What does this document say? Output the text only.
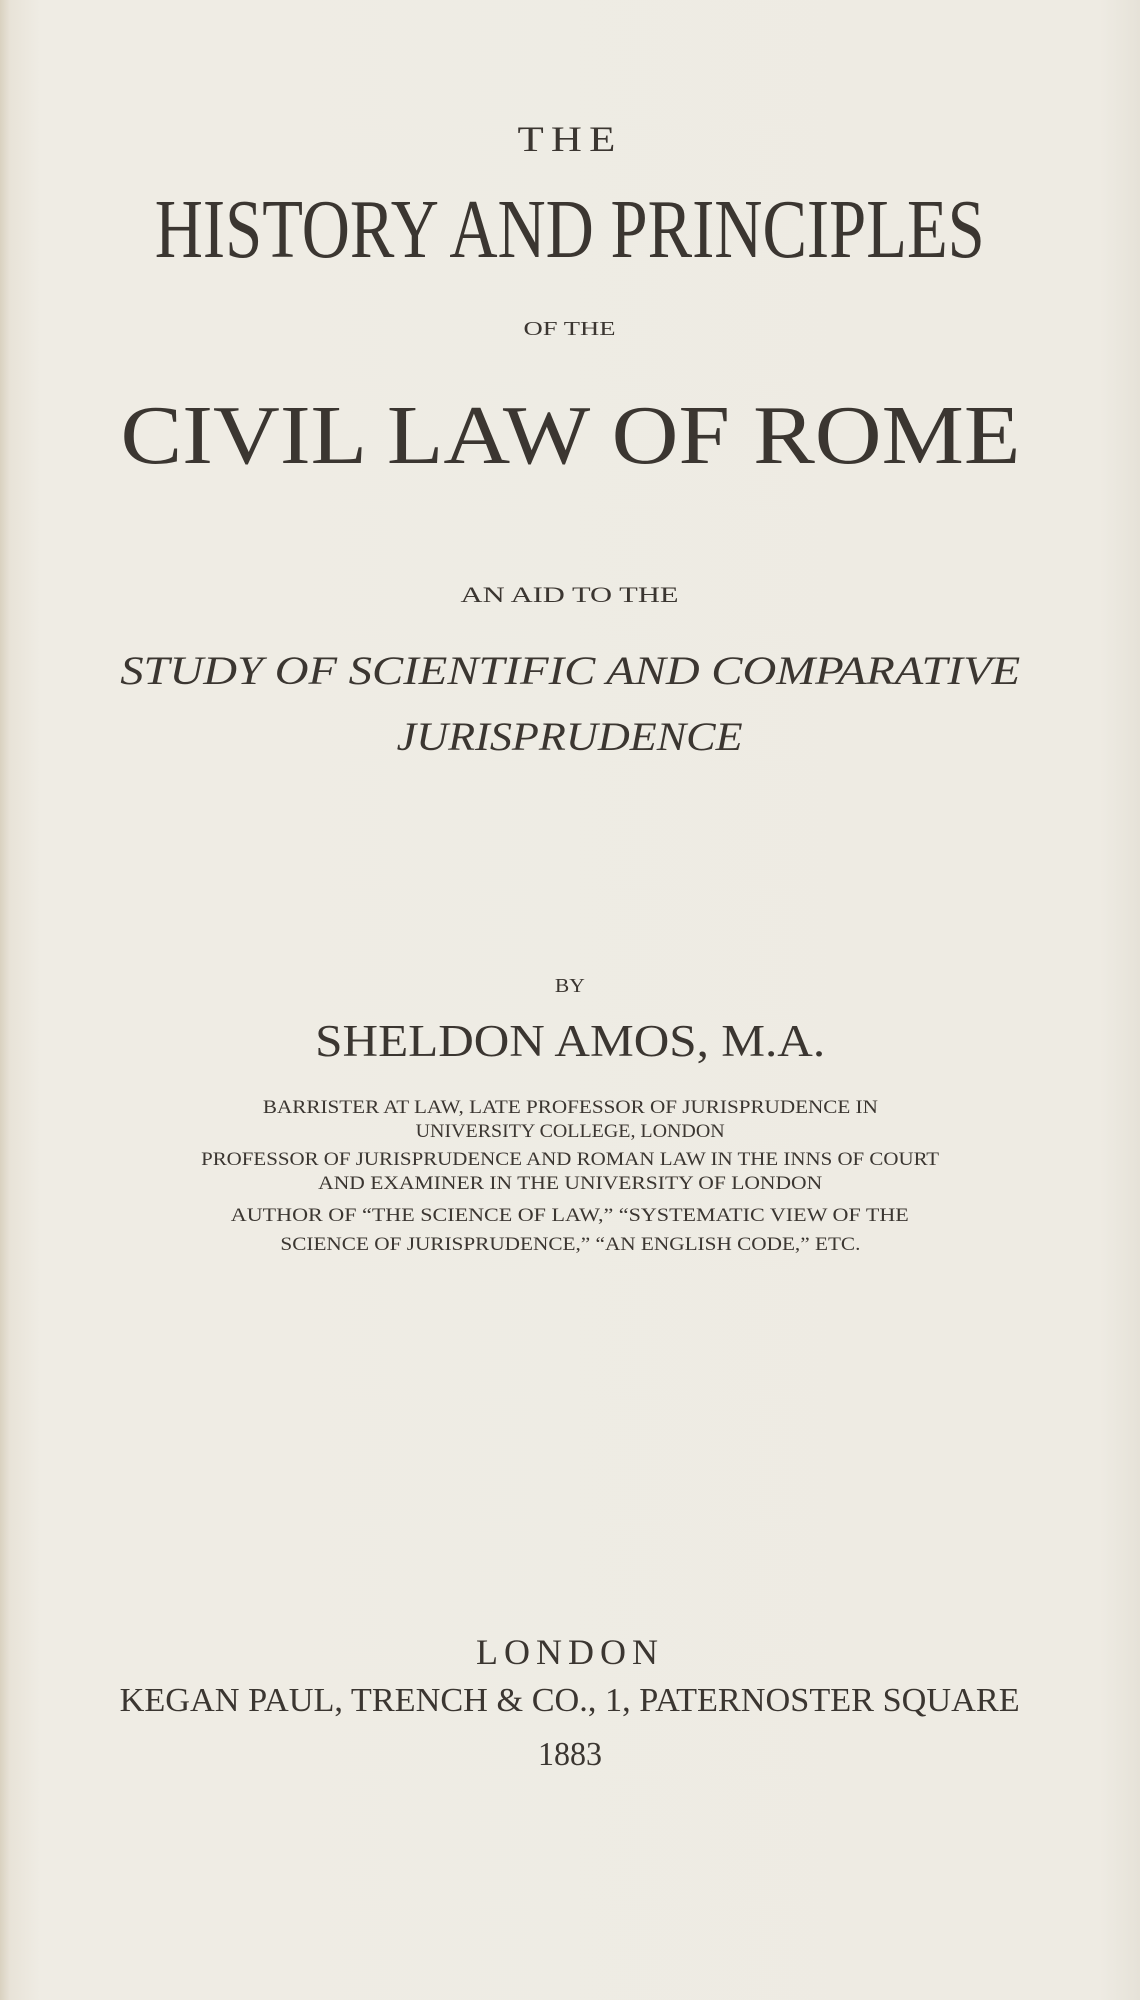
THE
HISTORY AND PRINCIPLES
OF THE
CIVIL LAW OF ROME
AN AID TO THE
STUDY OF SCIENTIFIC AND COMPARATIVE
JURISPRUDENCE
BY
SHELDON AMOS, M.A.
BARRISTER AT LAW, LATE PROFESSOR OF JURISPRUDENCE IN
UNIVERSITY COLLEGE, LONDON
PROFESSOR OF JURISPRUDENCE AND ROMAN LAW IN THE INNS OF COURT
AND EXAMINER IN THE UNIVERSITY OF LONDON
AUTHOR OF “THE SCIENCE OF LAW,” “SYSTEMATIC VIEW OF THE
SCIENCE OF JURISPRUDENCE,” “AN ENGLISH CODE,” ETC.
LONDON
KEGAN PAUL, TRENCH & CO., 1, PATERNOSTER SQUARE
1883
